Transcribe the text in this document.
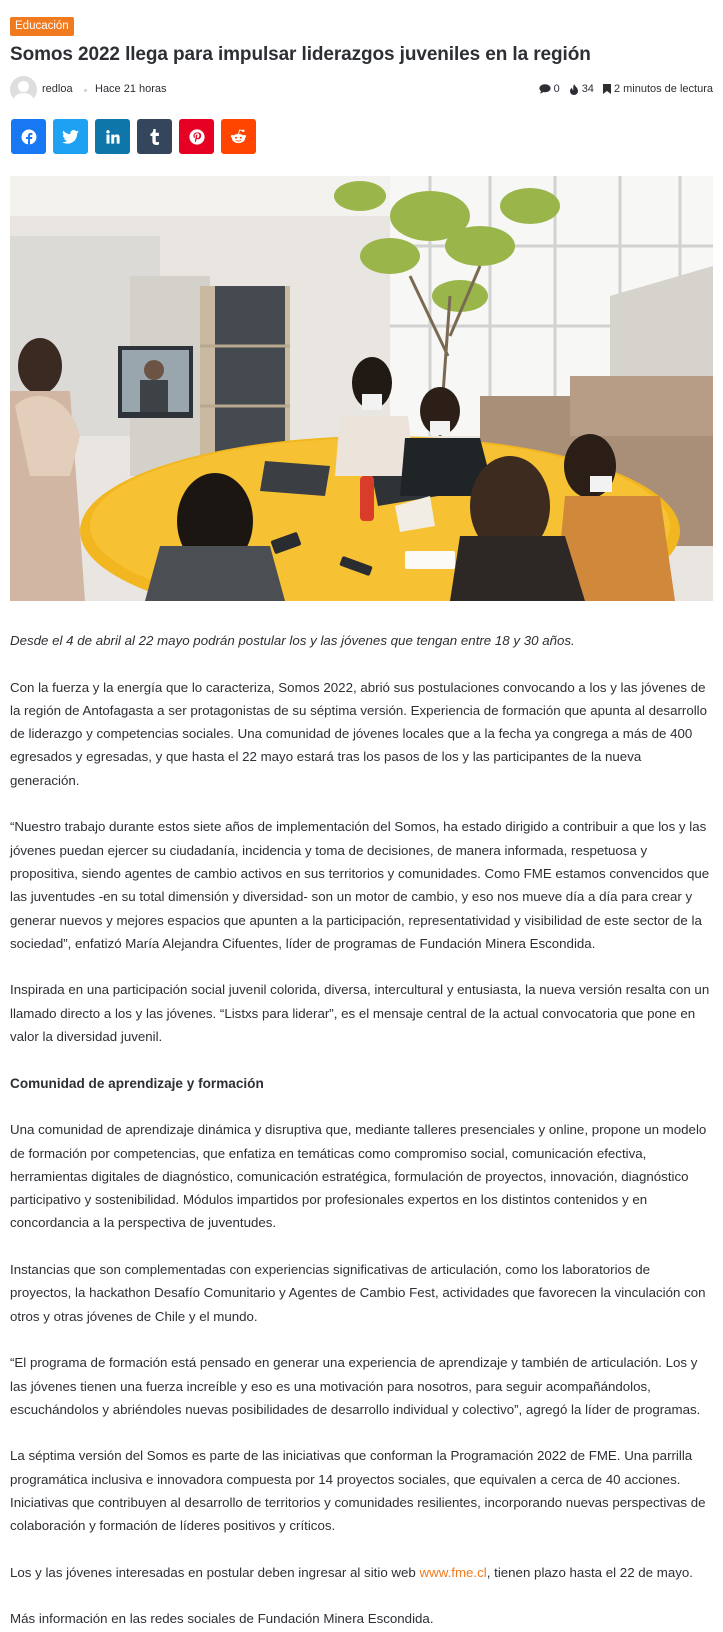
Educación
Somos 2022 llega para impulsar liderazgos juveniles en la región
redloa Hace 21 horas	0 34 2 minutos de lectura

Desde el 4 de abril al 22 mayo podrán postular los y las jóvenes que tengan entre 18 y 30 años.

Con la fuerza y la energía que lo caracteriza, Somos 2022, abrió sus postulaciones convocando a los y las jóvenes de la región de Antofagasta a ser protagonistas de su séptima versión. Experiencia de formación que apunta al desarrollo de liderazgo y competencias sociales. Una comunidad de jóvenes locales que a la fecha ya congrega a más de 400 egresados y egresadas, y que hasta el 22 mayo estará tras los pasos de los y las participantes de la nueva generación.

“Nuestro trabajo durante estos siete años de implementación del Somos, ha estado dirigido a contribuir a que los y las jóvenes puedan ejercer su ciudadanía, incidencia y toma de decisiones, de manera informada, respetuosa y propositiva, siendo agentes de cambio activos en sus territorios y comunidades. Como FME estamos convencidos que las juventudes -en su total dimensión y diversidad- son un motor de cambio, y eso nos mueve día a día para crear y generar nuevos y mejores espacios que apunten a la participación, representatividad y visibilidad de este sector de la sociedad”, enfatizó María Alejandra Cifuentes, líder de programas de Fundación Minera Escondida.

Inspirada en una participación social juvenil colorida, diversa, intercultural y entusiasta, la nueva versión resalta con un llamado directo a los y las jóvenes. “Listxs para liderar”, es el mensaje central de la actual convocatoria que pone en valor la diversidad juvenil.

Comunidad de aprendizaje y formación

Una comunidad de aprendizaje dinámica y disruptiva que, mediante talleres presenciales y online, propone un modelo de formación por competencias, que enfatiza en temáticas como compromiso social, comunicación efectiva, herramientas digitales de diagnóstico, comunicación estratégica, formulación de proyectos, innovación, diagnóstico participativo y sostenibilidad. Módulos impartidos por profesionales expertos en los distintos contenidos y en concordancia a la perspectiva de juventudes.

Instancias que son complementadas con experiencias significativas de articulación, como los laboratorios de proyectos, la hackathon Desafío Comunitario y Agentes de Cambio Fest, actividades que favorecen la vinculación con otros y otras jóvenes de Chile y el mundo.

“El programa de formación está pensado en generar una experiencia de aprendizaje y también de articulación. Los y las jóvenes tienen una fuerza increíble y eso es una motivación para nosotros, para seguir acompañándolos, escuchándolos y abriéndoles nuevas posibilidades de desarrollo individual y colectivo”, agregó la líder de programas.

La séptima versión del Somos es parte de las iniciativas que conforman la Programación 2022 de FME. Una parrilla programática inclusiva e innovadora compuesta por 14 proyectos sociales, que equivalen a cerca de 40 acciones. Iniciativas que contribuyen al desarrollo de territorios y comunidades resilientes, incorporando nuevas perspectivas de colaboración y formación de líderes positivos y críticos.

Los y las jóvenes interesadas en postular deben ingresar al sitio web www.fme.cl, tienen plazo hasta el 22 de mayo.

Más información en las redes sociales de Fundación Minera Escondida.
